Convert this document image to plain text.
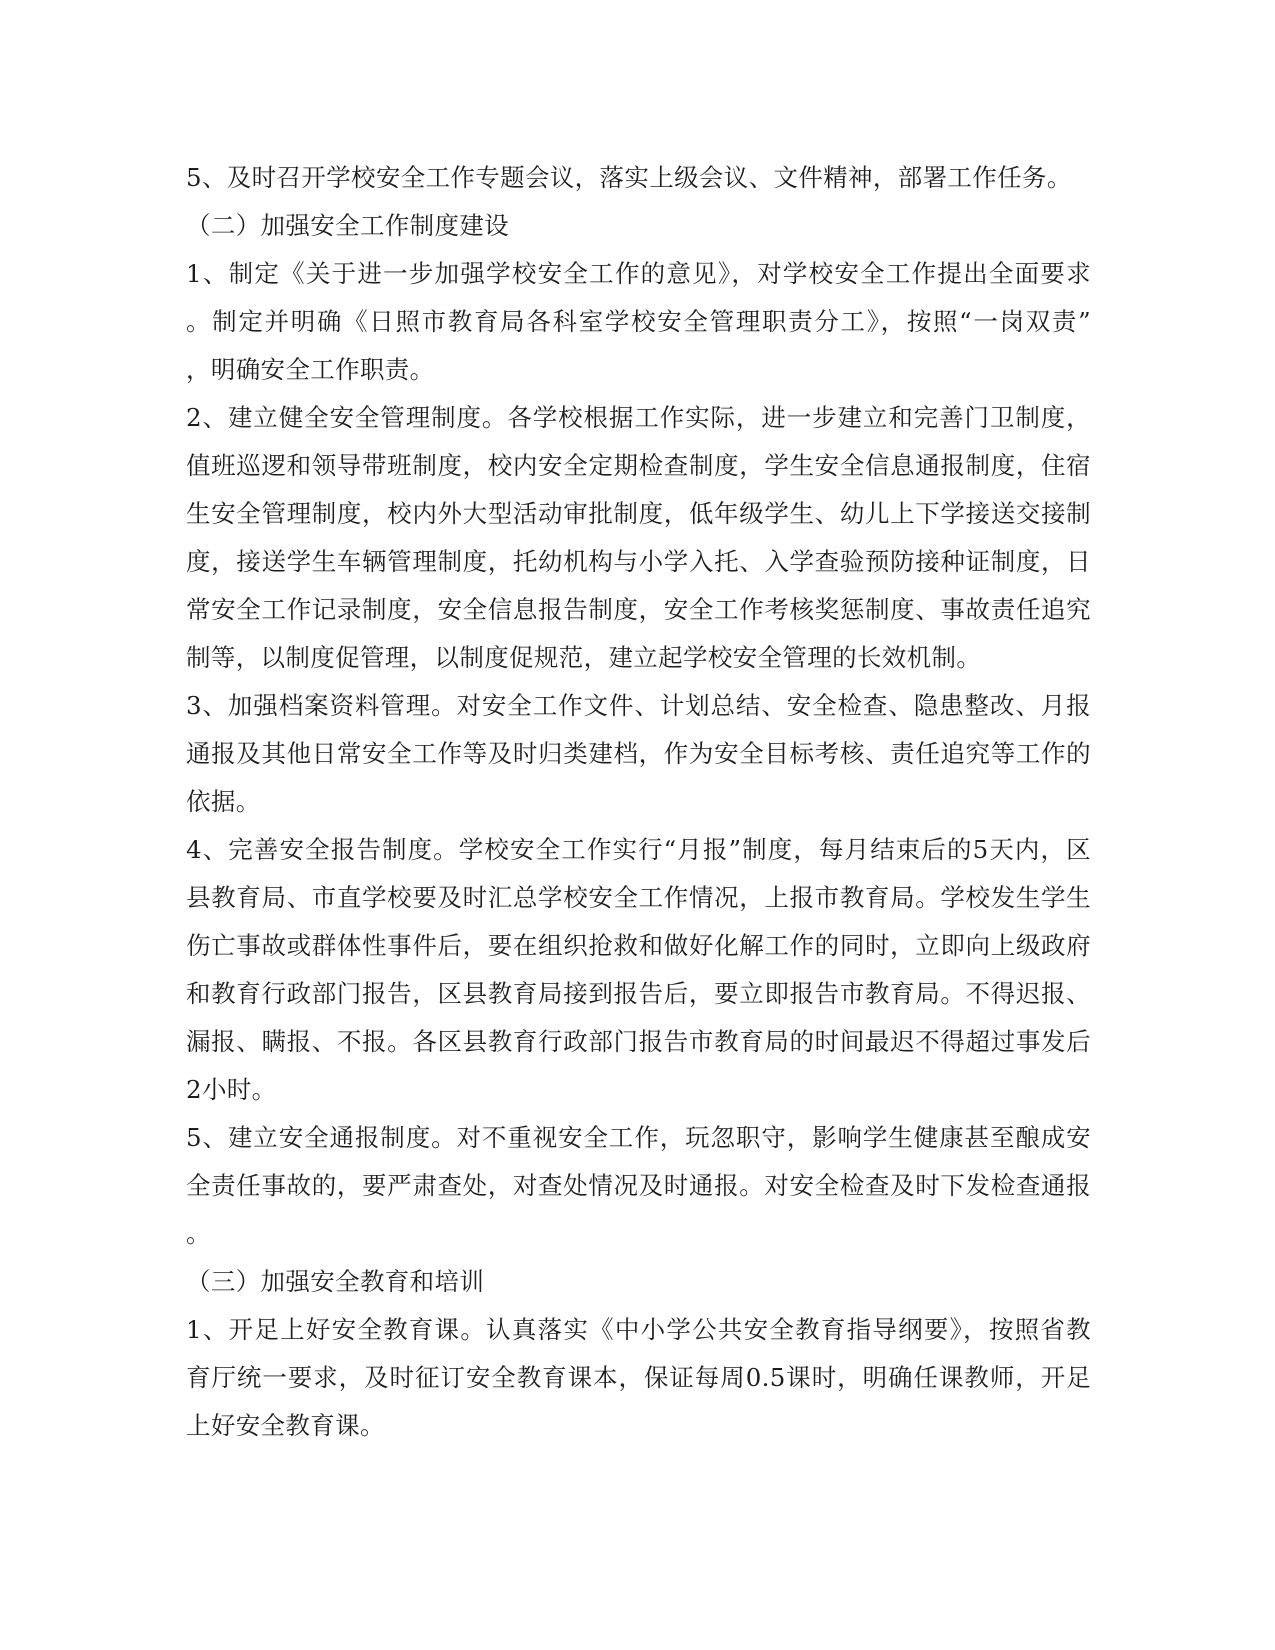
5、及时召开学校安全工作专题会议，落实上级会议、文件精神，部署工作任务。
（二）加强安全工作制度建设
1、制定《关于进一步加强学校安全工作的意见》，对学校安全工作提出全面要求
。制定并明确《日照市教育局各科室学校安全管理职责分工》，按照“一岗双责”
，明确安全工作职责。
2、建立健全安全管理制度。各学校根据工作实际，进一步建立和完善门卫制度，
值班巡逻和领导带班制度，校内安全定期检查制度，学生安全信息通报制度，住宿
生安全管理制度，校内外大型活动审批制度，低年级学生、幼儿上下学接送交接制
度，接送学生车辆管理制度，托幼机构与小学入托、入学查验预防接种证制度，日
常安全工作记录制度，安全信息报告制度，安全工作考核奖惩制度、事故责任追究
制等，以制度促管理，以制度促规范，建立起学校安全管理的长效机制。
3、加强档案资料管理。对安全工作文件、计划总结、安全检查、隐患整改、月报
通报及其他日常安全工作等及时归类建档，作为安全目标考核、责任追究等工作的
依据。
4、完善安全报告制度。学校安全工作实行“月报”制度，每月结束后的5天内，区
县教育局、市直学校要及时汇总学校安全工作情况，上报市教育局。学校发生学生
伤亡事故或群体性事件后，要在组织抢救和做好化解工作的同时，立即向上级政府
和教育行政部门报告，区县教育局接到报告后，要立即报告市教育局。不得迟报、
漏报、瞒报、不报。各区县教育行政部门报告市教育局的时间最迟不得超过事发后
2小时。
5、建立安全通报制度。对不重视安全工作，玩忽职守，影响学生健康甚至酿成安
全责任事故的，要严肃查处，对查处情况及时通报。对安全检查及时下发检查通报
。
（三）加强安全教育和培训
1、开足上好安全教育课。认真落实《中小学公共安全教育指导纲要》，按照省教
育厅统一要求，及时征订安全教育课本，保证每周0.5课时，明确任课教师，开足
上好安全教育课。
